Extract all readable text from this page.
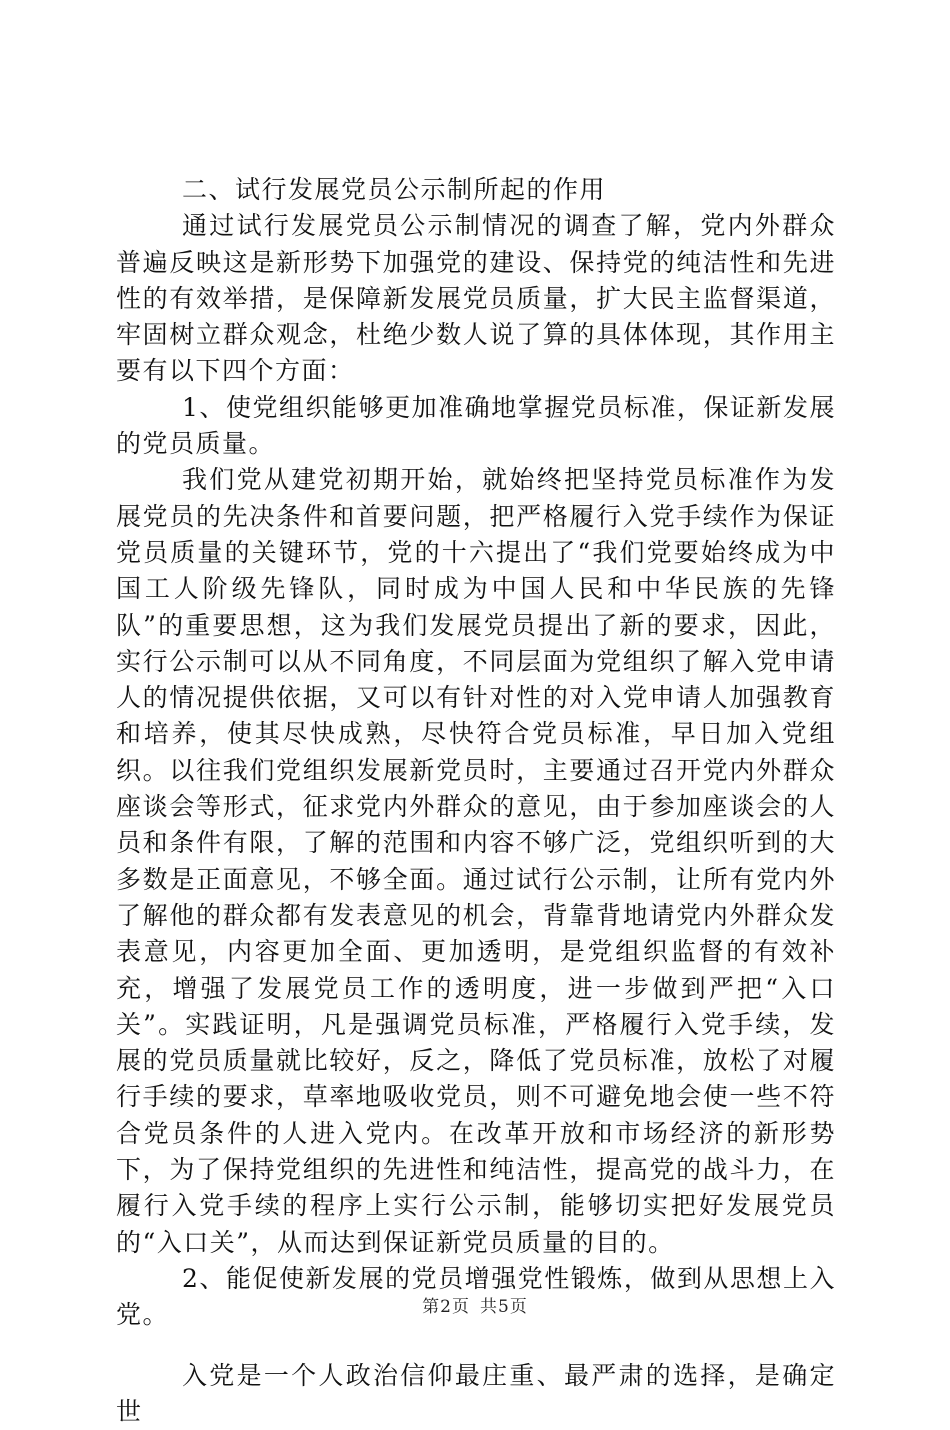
二、试行发展党员公示制所起的作用

通过试行发展党员公示制情况的调查了解，党内外群众普遍反映这是新形势下加强党的建设、保持党的纯洁性和先进性的有效举措，是保障新发展党员质量，扩大民主监督渠道，牢固树立群众观念，杜绝少数人说了算的具体体现，其作用主要有以下四个方面：

1、使党组织能够更加准确地掌握党员标准，保证新发展的党员质量。

我们党从建党初期开始，就始终把坚持党员标准作为发展党员的先决条件和首要问题，把严格履行入党手续作为保证党员质量的关键环节，党的十六提出了“我们党要始终成为中国工人阶级先锋队，同时成为中国人民和中华民族的先锋队”的重要思想，这为我们发展党员提出了新的要求，因此，实行公示制可以从不同角度，不同层面为党组织了解入党申请人的情况提供依据，又可以有针对性的对入党申请人加强教育和培养，使其尽快成熟，尽快符合党员标准，早日加入党组织。以往我们党组织发展新党员时，主要通过召开党内外群众座谈会等形式，征求党内外群众的意见，由于参加座谈会的人员和条件有限，了解的范围和内容不够广泛，党组织听到的大多数是正面意见，不够全面。通过试行公示制，让所有党内外了解他的群众都有发表意见的机会，背靠背地请党内外群众发表意见，内容更加全面、更加透明，是党组织监督的有效补充，增强了发展党员工作的透明度，进一步做到严把“入口关”。实践证明，凡是强调党员标准，严格履行入党手续，发展的党员质量就比较好，反之，降低了党员标准，放松了对履行手续的要求，草率地吸收党员，则不可避免地会使一些不符合党员条件的人进入党内。在改革开放和市场经济的新形势下，为了保持党组织的先进性和纯洁性，提高党的战斗力，在履行入党手续的程序上实行公示制，能够切实把好发展党员的“入口关”，从而达到保证新党员质量的目的。

2、能促使新发展的党员增强党性锻炼，做到从思想上入党。

入党是一个人政治信仰最庄重、最严肃的选择，是确定世

第2页 共5页
